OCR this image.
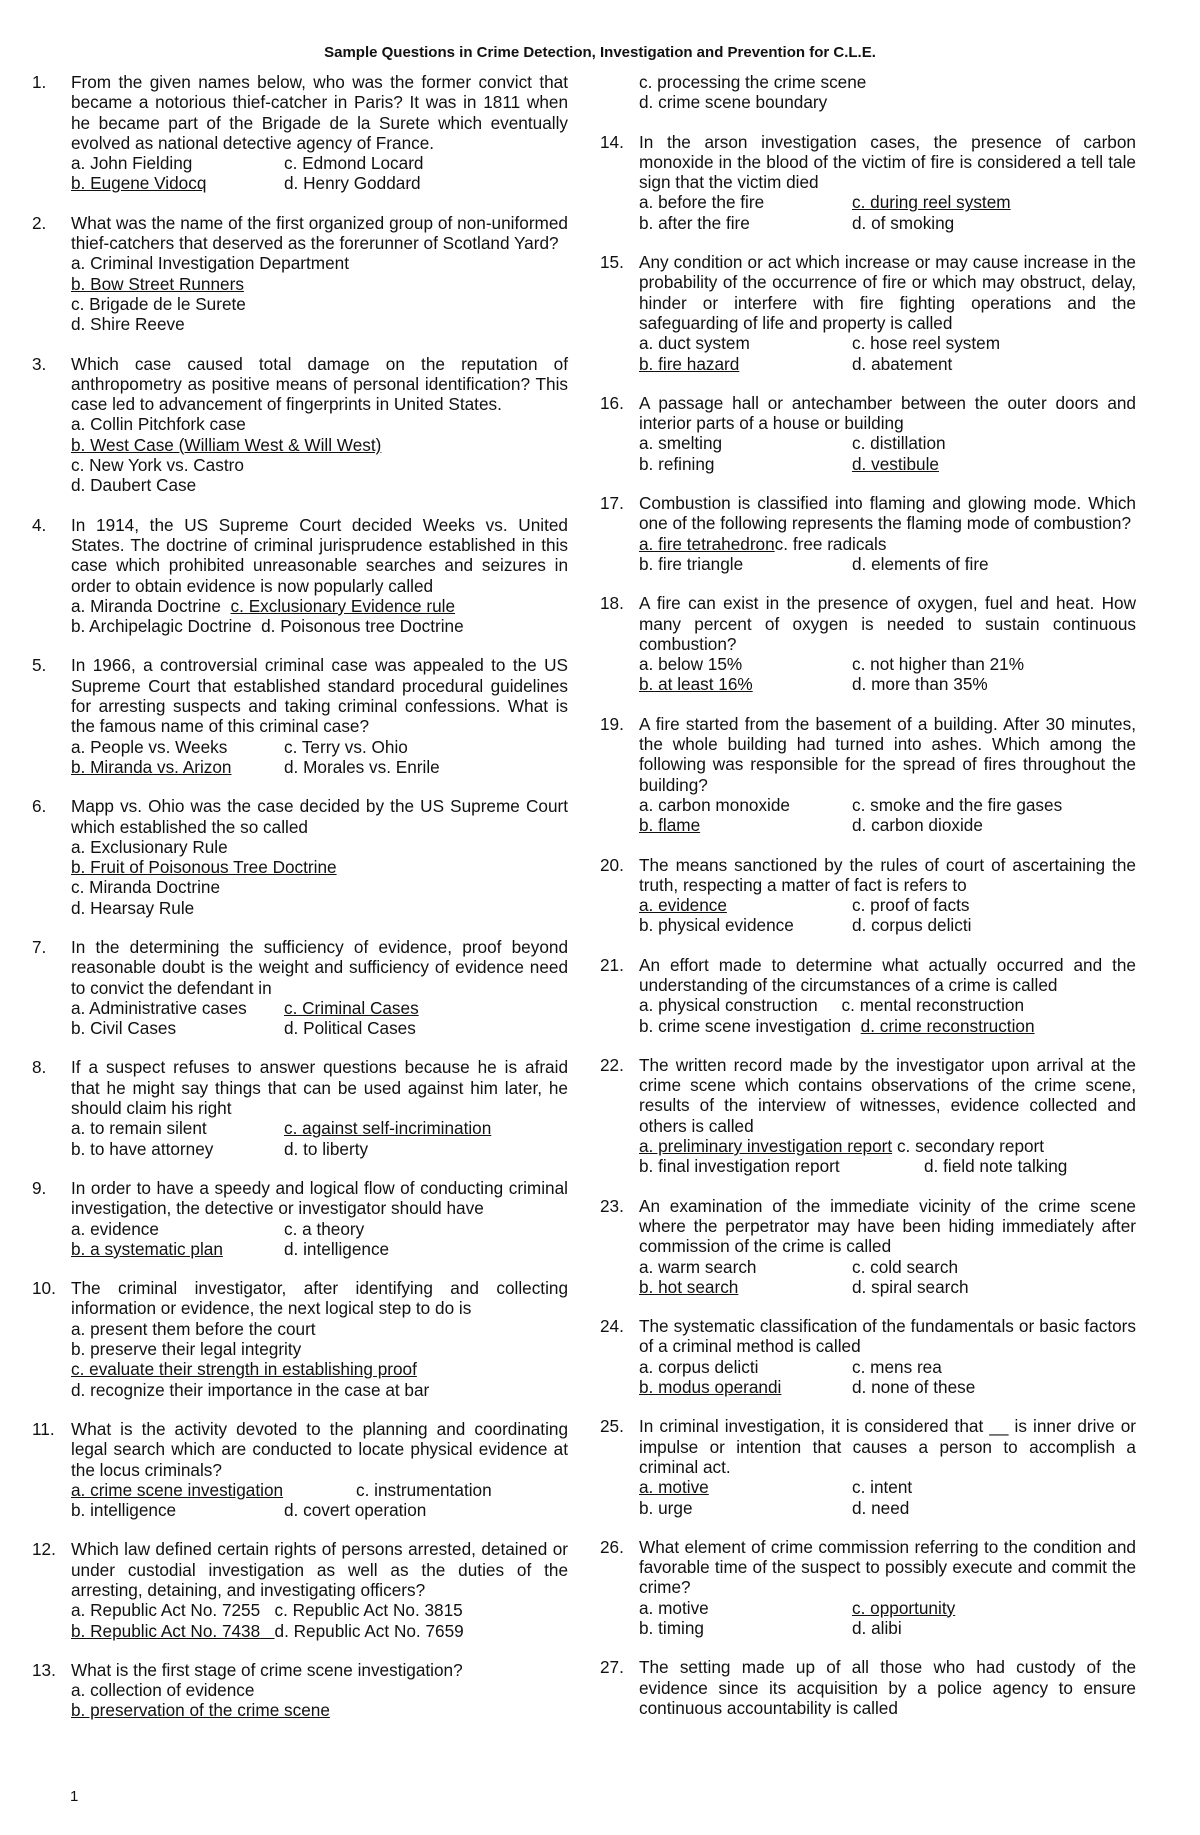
Sample Questions in Crime Detection, Investigation and Prevention for C.L.E.
1. From the given names below, who was the former convict that became a notorious thief-catcher in Paris? It was in 1811 when he became part of the Brigade de la Surete which eventually evolved as national detective agency of France.
a. John Fielding	c. Edmond Locard
b. Eugene Vidocq	d. Henry Goddard
2. What was the name of the first organized group of non-uniformed thief-catchers that deserved as the forerunner of Scotland Yard?
a. Criminal Investigation Department
b. Bow Street Runners
c. Brigade de le Surete
d. Shire Reeve
3. Which case caused total damage on the reputation of anthropometry as positive means of personal identification? This case led to advancement of fingerprints in United States.
a. Collin Pitchfork case
b. West Case (William West & Will West)
c. New York vs. Castro
d. Daubert Case
4. In 1914, the US Supreme Court decided Weeks vs. United States. The doctrine of criminal jurisprudence established in this case which prohibited unreasonable searches and seizures in order to obtain evidence is now popularly called
a. Miranda Doctrine c. Exclusionary Evidence rule
b. Archipelagic Doctrine d. Poisonous tree Doctrine
5. In 1966, a controversial criminal case was appealed to the US Supreme Court that established standard procedural guidelines for arresting suspects and taking criminal confessions. What is the famous name of this criminal case?
a. People vs. Weeks	c. Terry vs. Ohio
b. Miranda vs. Arizon	d. Morales vs. Enrile
6. Mapp vs. Ohio was the case decided by the US Supreme Court which established the so called
a. Exclusionary Rule
b. Fruit of Poisonous Tree Doctrine
c. Miranda Doctrine
d. Hearsay Rule
7. In the determining the sufficiency of evidence, proof beyond reasonable doubt is the weight and sufficiency of evidence need to convict the defendant in
a. Administrative cases	c. Criminal Cases
b. Civil Cases	d. Political Cases
8. If a suspect refuses to answer questions because he is afraid that he might say things that can be used against him later, he should claim his right
a. to remain silent	c. against self-incrimination
b. to have attorney	d. to liberty
9. In order to have a speedy and logical flow of conducting criminal investigation, the detective or investigator should have
a. evidence	c. a theory
b. a systematic plan	d. intelligence
10. The criminal investigator, after identifying and collecting information or evidence, the next logical step to do is
a. present them before the court
b. preserve their legal integrity
c. evaluate their strength in establishing proof
d. recognize their importance in the case at bar
11. What is the activity devoted to the planning and coordinating legal search which are conducted to locate physical evidence at the locus criminals?
a. crime scene investigation	c. instrumentation
b. intelligence	d. covert operation
12. Which law defined certain rights of persons arrested, detained or under custodial investigation as well as the duties of the arresting, detaining, and investigating officers?
a. Republic Act No. 7255 c. Republic Act No. 3815
b. Republic Act No. 7438 d. Republic Act No. 7659
13. What is the first stage of crime scene investigation?
a. collection of evidence
b. preservation of the crime scene
c. processing the crime scene
d. crime scene boundary
14. In the arson investigation cases, the presence of carbon monoxide in the blood of the victim of fire is considered a tell tale sign that the victim died
a. before the fire	c. during reel system
b. after the fire	d. of smoking
15. Any condition or act which increase or may cause increase in the probability of the occurrence of fire or which may obstruct, delay, hinder or interfere with fire fighting operations and the safeguarding of life and property is called
a. duct system	c. hose reel system
b. fire hazard	d. abatement
16. A passage hall or antechamber between the outer doors and interior parts of a house or building
a. smelting	c. distillation
b. refining	d. vestibule
17. Combustion is classified into flaming and glowing mode. Which one of the following represents the flaming mode of combustion?
a. fire tetrahedronc. free radicals
b. fire triangle	d. elements of fire
18. A fire can exist in the presence of oxygen, fuel and heat. How many percent of oxygen is needed to sustain continuous combustion?
a. below 15%	c. not higher than 21%
b. at least 16%	d. more than 35%
19. A fire started from the basement of a building. After 30 minutes, the whole building had turned into ashes. Which among the following was responsible for the spread of fires throughout the building?
a. carbon monoxide	c. smoke and the fire gases
b. flame	d. carbon dioxide
20. The means sanctioned by the rules of court of ascertaining the truth, respecting a matter of fact is refers to
a. evidence	c. proof of facts
b. physical evidence	d. corpus delicti
21. An effort made to determine what actually occurred and the understanding of the circumstances of a crime is called
a. physical construction c. mental reconstruction
b. crime scene investigation d. crime reconstruction
22. The written record made by the investigator upon arrival at the crime scene which contains observations of the crime scene, results of the interview of witnesses, evidence collected and others is called
a. preliminary investigation report c. secondary report
b. final investigation report	d. field note talking
23. An examination of the immediate vicinity of the crime scene where the perpetrator may have been hiding immediately after commission of the crime is called
a. warm search	c. cold search
b. hot search	d. spiral search
24. The systematic classification of the fundamentals or basic factors of a criminal method is called
a. corpus delicti	c. mens rea
b. modus operandi	d. none of these
25. In criminal investigation, it is considered that __ is inner drive or impulse or intention that causes a person to accomplish a criminal act.
a. motive	c. intent
b. urge	d. need
26. What element of crime commission referring to the condition and favorable time of the suspect to possibly execute and commit the crime?
a. motive	c. opportunity
b. timing	d. alibi
27. The setting made up of all those who had custody of the evidence since its acquisition by a police agency to ensure continuous accountability is called
1
